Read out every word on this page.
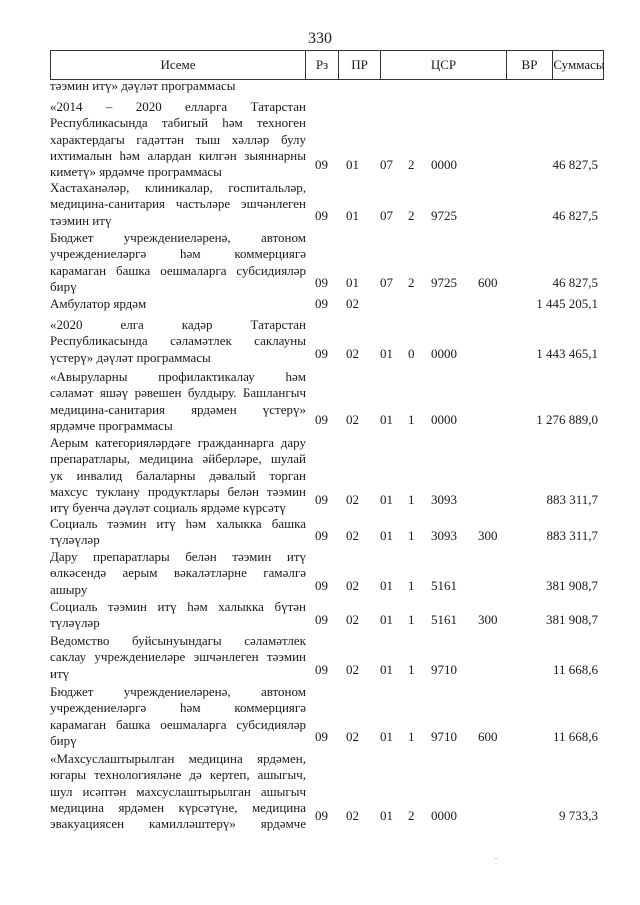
330
Исеме	Рз	ПР	ЦСР	ВР	Суммасы
тәэмин итү» дәүләт программасы
«2014 – 2020 елларга Татарстан
Республикасында табигый һәм техноген
характердагы гадәттән тыш хәлләр булу
ихтималын һәм алардан килгән зыяннарны
киметү» ярдәмче программасы	09 01 07 2 0000	46 827,5
Хастаханәләр, клиникалар, госпитальләр,
медицина-санитария частьләре эшчәнлеген
тәэмин итү	09 01 07 2 9725	46 827,5
Бюджет учреждениеләренә, автоном
учреждениеләргә һәм коммерциягә
карамаган башка оешмаларга субсидияләр
бирү	09 01 07 2 9725 600	46 827,5
Амбулатор ярдәм	09 02	1 445 205,1
«2020 елга кадәр Татарстан
Республикасында сәламәтлек саклауны
үстерү» дәүләт программасы	09 02 01 0 0000	1 443 465,1
«Авыруларны профилактикалау һәм
сәламәт яшәү рәвешен булдыру. Башлангыч
медицина-санитария ярдәмен үстерү»
ярдәмче программасы	09 02 01 1 0000	1 276 889,0
Аерым категорияләрдәге гражданнарга дару
препаратлары, медицина әйберләре, шулай
ук инвалид балаларны дәвалый торган
махсус туклану продуктлары белән тәэмин
итү буенча дәүләт социаль ярдәме күрсәтү
09 02 01 1 3093	883 311,7
Социаль тәэмин итү һәм халыкка башка
түләүләр	09 02 01 1 3093 300	883 311,7
Дару препаратлары белән тәэмин итү
өлкәсендә аерым вәкаләтләрне гамәлгә
ашыру	09 02 01 1 5161	381 908,7
Социаль тәэмин итү һәм халыкка бүтән
түләүләр	09 02 01 1 5161 300	381 908,7
Ведомство буйсынуындагы сәламәтлек
саклау учреждениеләре эшчәнлеген тәэмин
итү	09 02 01 1 9710	11 668,6
Бюджет учреждениеләренә, автоном
учреждениеләргә һәм коммерциягә
карамаган башка оешмаларга субсидияләр
бирү	09 02 01 1 9710 600	11 668,6
«Махсуслаштырылган медицина ярдәмен,
югары технологияләне дә кертеп, ашыгыч,
шул исәптән махсуслаштырылган ашыгыч
медицина ярдәмен күрсәтүне, медицина
эвакуациясен камилләштерү» ярдәмче
09 02 01 2 0000	9 733,3
